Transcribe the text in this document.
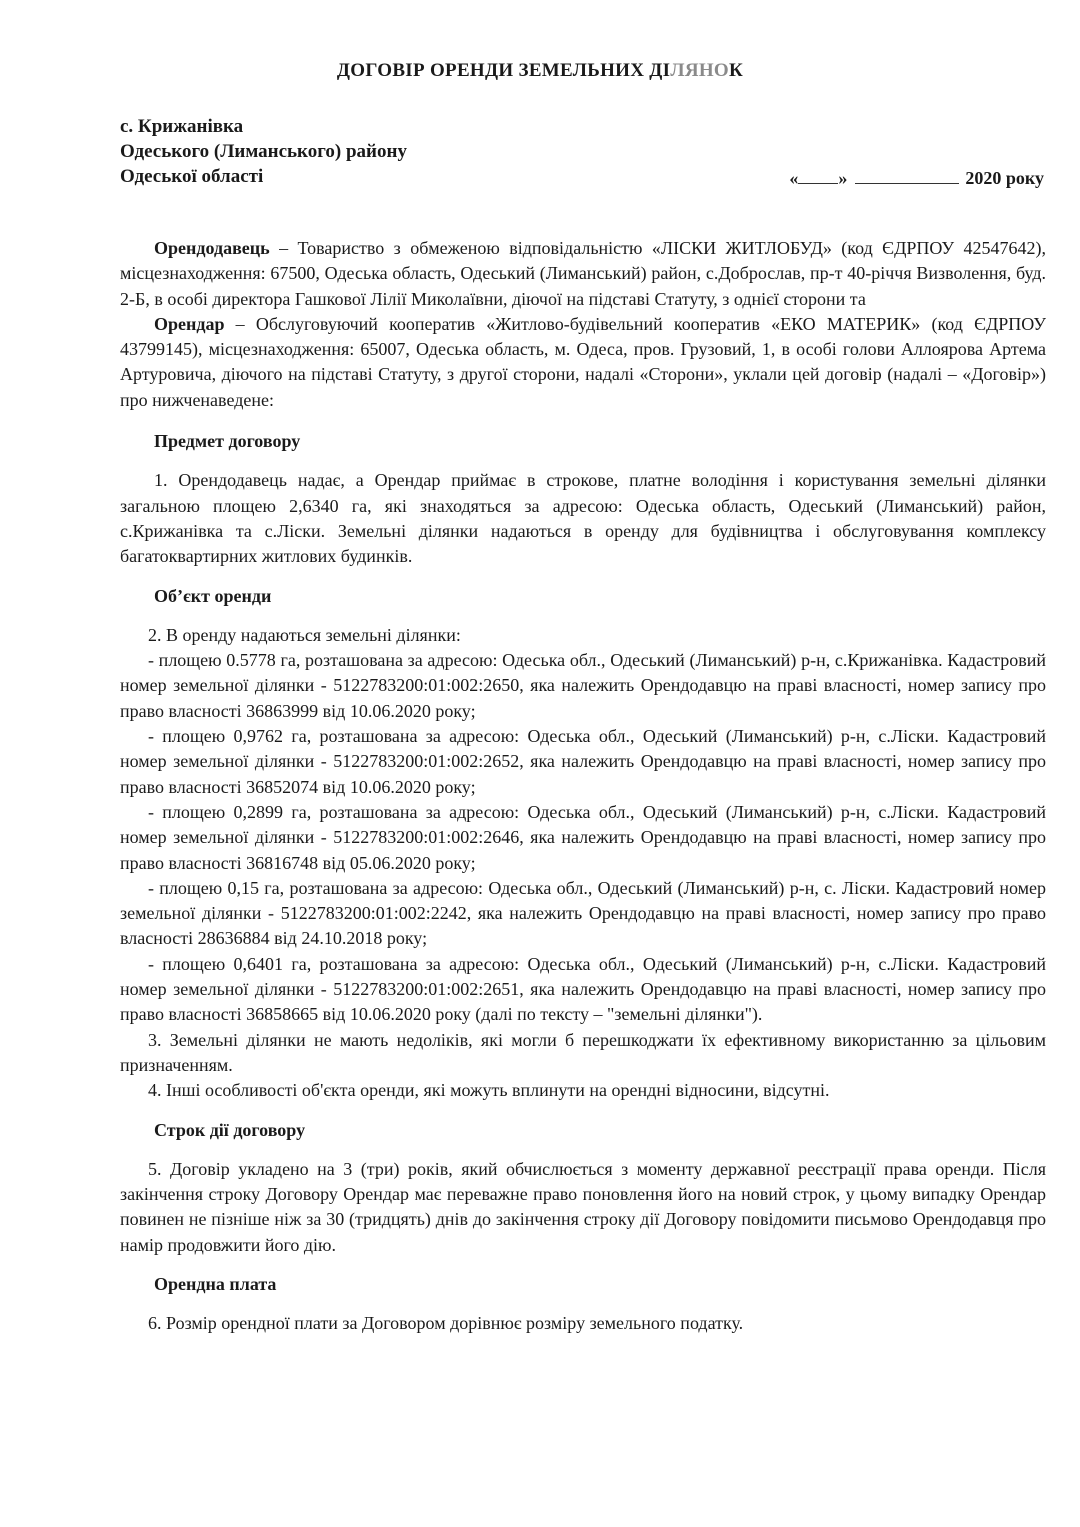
ДОГОВІР ОРЕНДИ ЗЕМЕЛЬНИХ ДІЛЯНОК
с. Крижанівка
Одеського (Лиманського) району
Одеської області	« »	2020 року

Орендодавець – Товариство з обмеженою відповідальністю «ЛІСКИ ЖИТЛОБУД» (код ЄДРПОУ 42547642), місцезнаходження: 67500, Одеська область, Одеський (Лиманський) район, с.Доброслав, пр-т 40-річчя Визволення, буд. 2-Б, в особі директора Гашкової Лілії Миколаївни, діючої на підставі Статуту, з однієї сторони та

Орендар – Обслуговуючий кооператив «Житлово-будівельний кооператив «ЕКО МАТЕРИК» (код ЄДРПОУ 43799145), місцезнаходження: 65007, Одеська область, м. Одеса, пров. Грузовий, 1, в особі голови Аллоярова Артема Артуровича, діючого на підставі Статуту, з другої сторони, надалі «Сторони», уклали цей договір (надалі – «Договір») про нижченаведене:

Предмет договору

1. Орендодавець надає, а Орендар приймає в строкове, платне володіння і користування земельні ділянки загальною площею 2,6340 га, які знаходяться за адресою: Одеська область, Одеський (Лиманський) район, с.Крижанівка та с.Ліски. Земельні ділянки надаються в оренду для будівництва і обслуговування комплексу багатоквартирних житлових будинків.

Об’єкт оренди

2. В оренду надаються земельні ділянки:

- площею 0.5778 га, розташована за адресою: Одеська обл., Одеський (Лиманський) р-н, с.Крижанівка. Кадастровий номер земельної ділянки - 5122783200:01:002:2650, яка належить Орендодавцю на праві власності, номер запису про право власності 36863999 від 10.06.2020 року;

- площею 0,9762 га, розташована за адресою: Одеська обл., Одеський (Лиманський) р-н, с.Ліски. Кадастровий номер земельної ділянки - 5122783200:01:002:2652, яка належить Орендодавцю на праві власності, номер запису про право власності 36852074 від 10.06.2020 року;

- площею 0,2899 га, розташована за адресою: Одеська обл., Одеський (Лиманський) р-н, с.Ліски. Кадастровий номер земельної ділянки - 5122783200:01:002:2646, яка належить Орендодавцю на праві власності, номер запису про право власності 36816748 від 05.06.2020 року;

- площею 0,15 га, розташована за адресою: Одеська обл., Одеський (Лиманський) р-н, с. Ліски. Кадастровий номер земельної ділянки - 5122783200:01:002:2242, яка належить Орендодавцю на праві власності, номер запису про право власності 28636884 від 24.10.2018 року;

- площею 0,6401 га, розташована за адресою: Одеська обл., Одеський (Лиманський) р-н, с.Ліски. Кадастровий номер земельної ділянки - 5122783200:01:002:2651, яка належить Орендодавцю на праві власності, номер запису про право власності 36858665 від 10.06.2020 року (далі по тексту – "земельні ділянки").

3. Земельні ділянки не мають недоліків, які могли б перешкоджати їх ефективному використанню за цільовим призначенням.

4. Інші особливості об'єкта оренди, які можуть вплинути на орендні відносини, відсутні.

Строк дії договору

5. Договір укладено на 3 (три) років, який обчислюється з моменту державної реєстрації права оренди. Після закінчення строку Договору Орендар має переважне право поновлення його на новий строк, у цьому випадку Орендар повинен не пізніше ніж за 30 (тридцять) днів до закінчення строку дії Договору повідомити письмово Орендодавця про намір продовжити його дію.

Орендна плата

6. Розмір орендної плати за Договором дорівнює розміру земельного податку.
